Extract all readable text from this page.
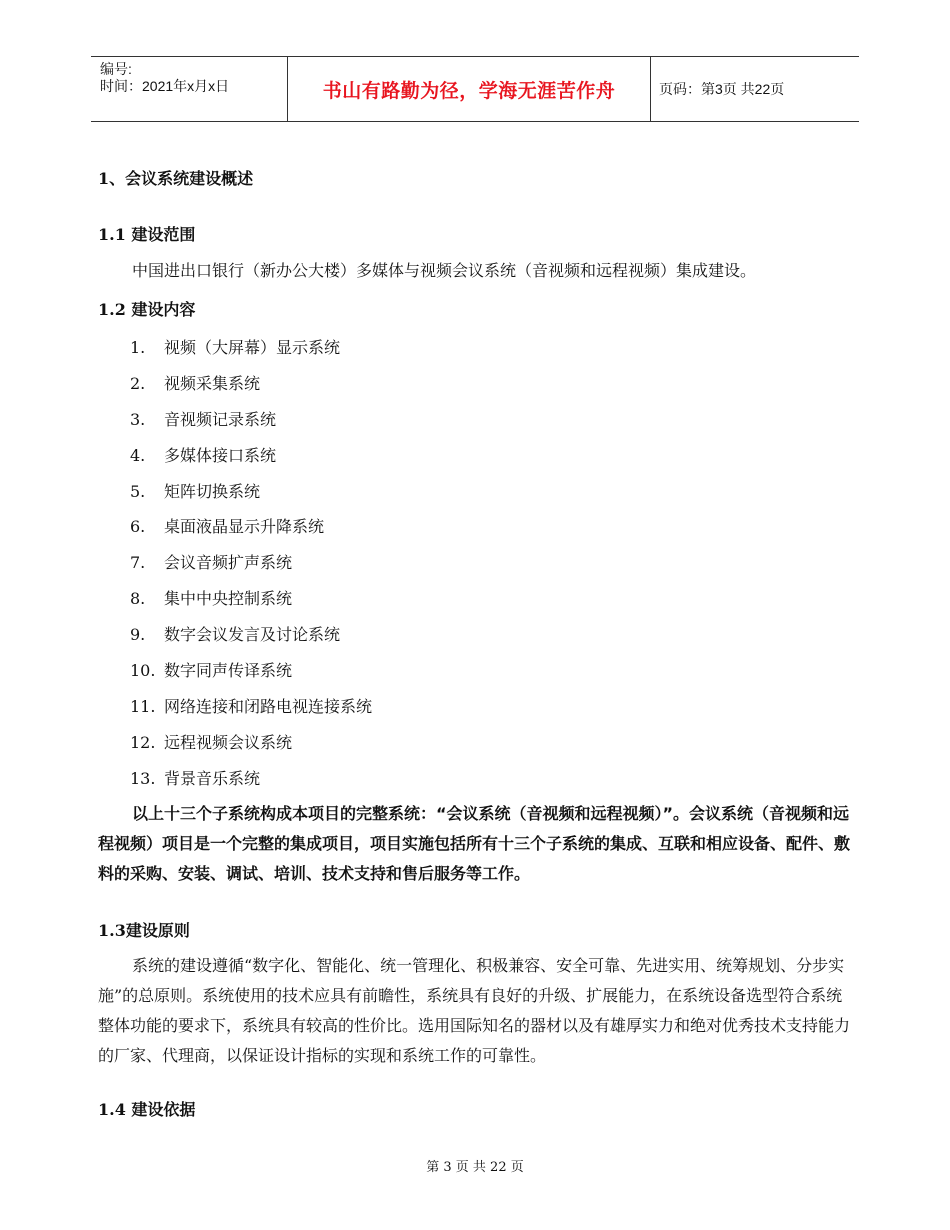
编号:
时间：2021年x月x日	书山有路勤为径，学海无涯苦作舟	页码：第3页 共22页
1、会议系统建设概述
1.1 建设范围
中国进出口银行（新办公大楼）多媒体与视频会议系统（音视频和远程视频）集成建设。
1.2 建设内容
1. 视频（大屏幕）显示系统
2. 视频采集系统
3. 音视频记录系统
4. 多媒体接口系统
5. 矩阵切换系统
6. 桌面液晶显示升降系统
7. 会议音频扩声系统
8. 集中中央控制系统
9. 数字会议发言及讨论系统
10. 数字同声传译系统
11. 网络连接和闭路电视连接系统
12. 远程视频会议系统
13. 背景音乐系统
以上十三个子系统构成本项目的完整系统：“会议系统（音视频和远程视频）”。会议系统（音视频和远程视频）项目是一个完整的集成项目，项目实施包括所有十三个子系统的集成、互联和相应设备、配件、敷料的采购、安装、调试、培训、技术支持和售后服务等工作。
1.3建设原则
系统的建设遵循“数字化、智能化、统一管理化、积极兼容、安全可靠、先进实用、统筹规划、分步实施”的总原则。系统使用的技术应具有前瞻性，系统具有良好的升级、扩展能力，在系统设备选型符合系统整体功能的要求下，系统具有较高的性价比。选用国际知名的器材以及有雄厚实力和绝对优秀技术支持能力的厂家、代理商，以保证设计指标的实现和系统工作的可靠性。
1.4 建设依据
第 3 页 共 22 页
